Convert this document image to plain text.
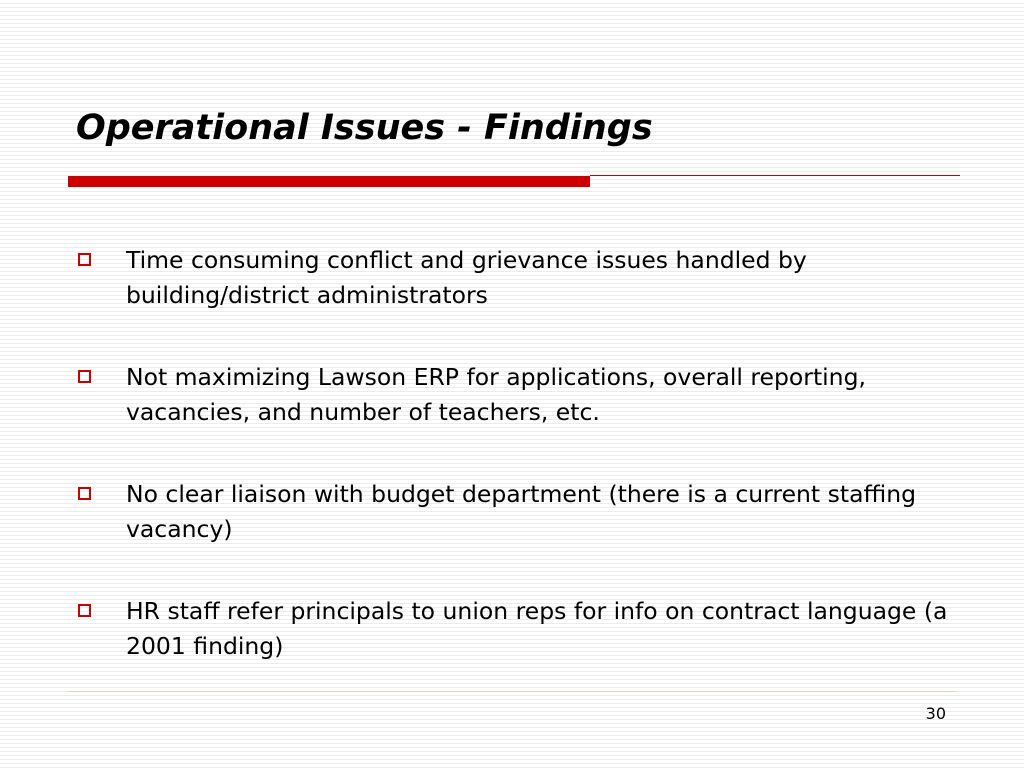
Operational Issues - Findings
Time consuming conflict and grievance issues handled by building/district administrators
Not maximizing Lawson ERP for applications, overall reporting, vacancies, and number of teachers, etc.
No clear liaison with budget department (there is a current staffing vacancy)
HR staff refer principals to union reps for info on contract language (a 2001 finding)
30
